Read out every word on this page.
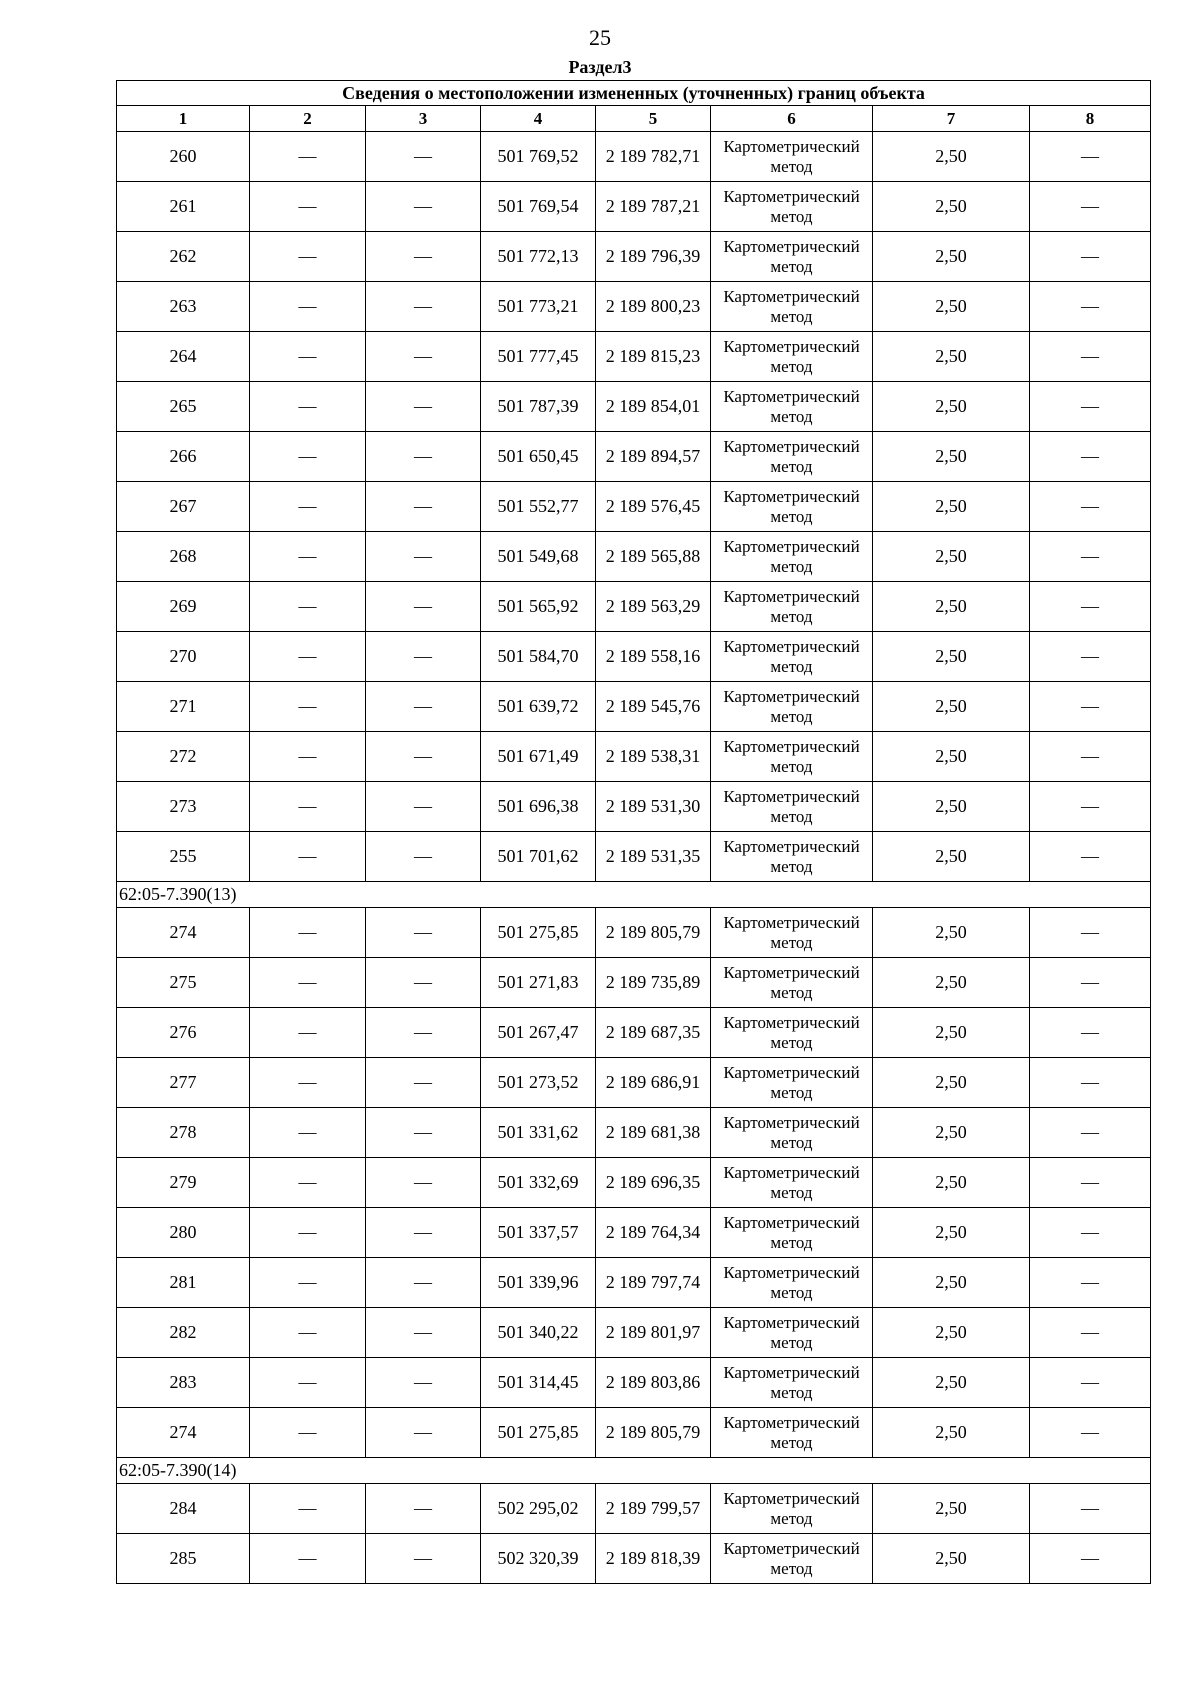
25
Раздел3
Сведения о местоположении измененных (уточненных) границ объекта							
1	2	3	4	5	6	7	8
260	—	—	501 769,52	2 189 782,71	Картометрический метод	2,50	—
261	—	—	501 769,54	2 189 787,21	Картометрический метод	2,50	—
262	—	—	501 772,13	2 189 796,39	Картометрический метод	2,50	—
263	—	—	501 773,21	2 189 800,23	Картометрический метод	2,50	—
264	—	—	501 777,45	2 189 815,23	Картометрический метод	2,50	—
265	—	—	501 787,39	2 189 854,01	Картометрический метод	2,50	—
266	—	—	501 650,45	2 189 894,57	Картометрический метод	2,50	—
267	—	—	501 552,77	2 189 576,45	Картометрический метод	2,50	—
268	—	—	501 549,68	2 189 565,88	Картометрический метод	2,50	—
269	—	—	501 565,92	2 189 563,29	Картометрический метод	2,50	—
270	—	—	501 584,70	2 189 558,16	Картометрический метод	2,50	—
271	—	—	501 639,72	2 189 545,76	Картометрический метод	2,50	—
272	—	—	501 671,49	2 189 538,31	Картометрический метод	2,50	—
273	—	—	501 696,38	2 189 531,30	Картометрический метод	2,50	—
255	—	—	501 701,62	2 189 531,35	Картометрический метод	2,50	—
62:05-7.390(13)							
274	—	—	501 275,85	2 189 805,79	Картометрический метод	2,50	—
275	—	—	501 271,83	2 189 735,89	Картометрический метод	2,50	—
276	—	—	501 267,47	2 189 687,35	Картометрический метод	2,50	—
277	—	—	501 273,52	2 189 686,91	Картометрический метод	2,50	—
278	—	—	501 331,62	2 189 681,38	Картометрический метод	2,50	—
279	—	—	501 332,69	2 189 696,35	Картометрический метод	2,50	—
280	—	—	501 337,57	2 189 764,34	Картометрический метод	2,50	—
281	—	—	501 339,96	2 189 797,74	Картометрический метод	2,50	—
282	—	—	501 340,22	2 189 801,97	Картометрический метод	2,50	—
283	—	—	501 314,45	2 189 803,86	Картометрический метод	2,50	—
274	—	—	501 275,85	2 189 805,79	Картометрический метод	2,50	—
62:05-7.390(14)							
284	—	—	502 295,02	2 189 799,57	Картометрический метод	2,50	—
285	—	—	502 320,39	2 189 818,39	Картометрический метод	2,50	—
